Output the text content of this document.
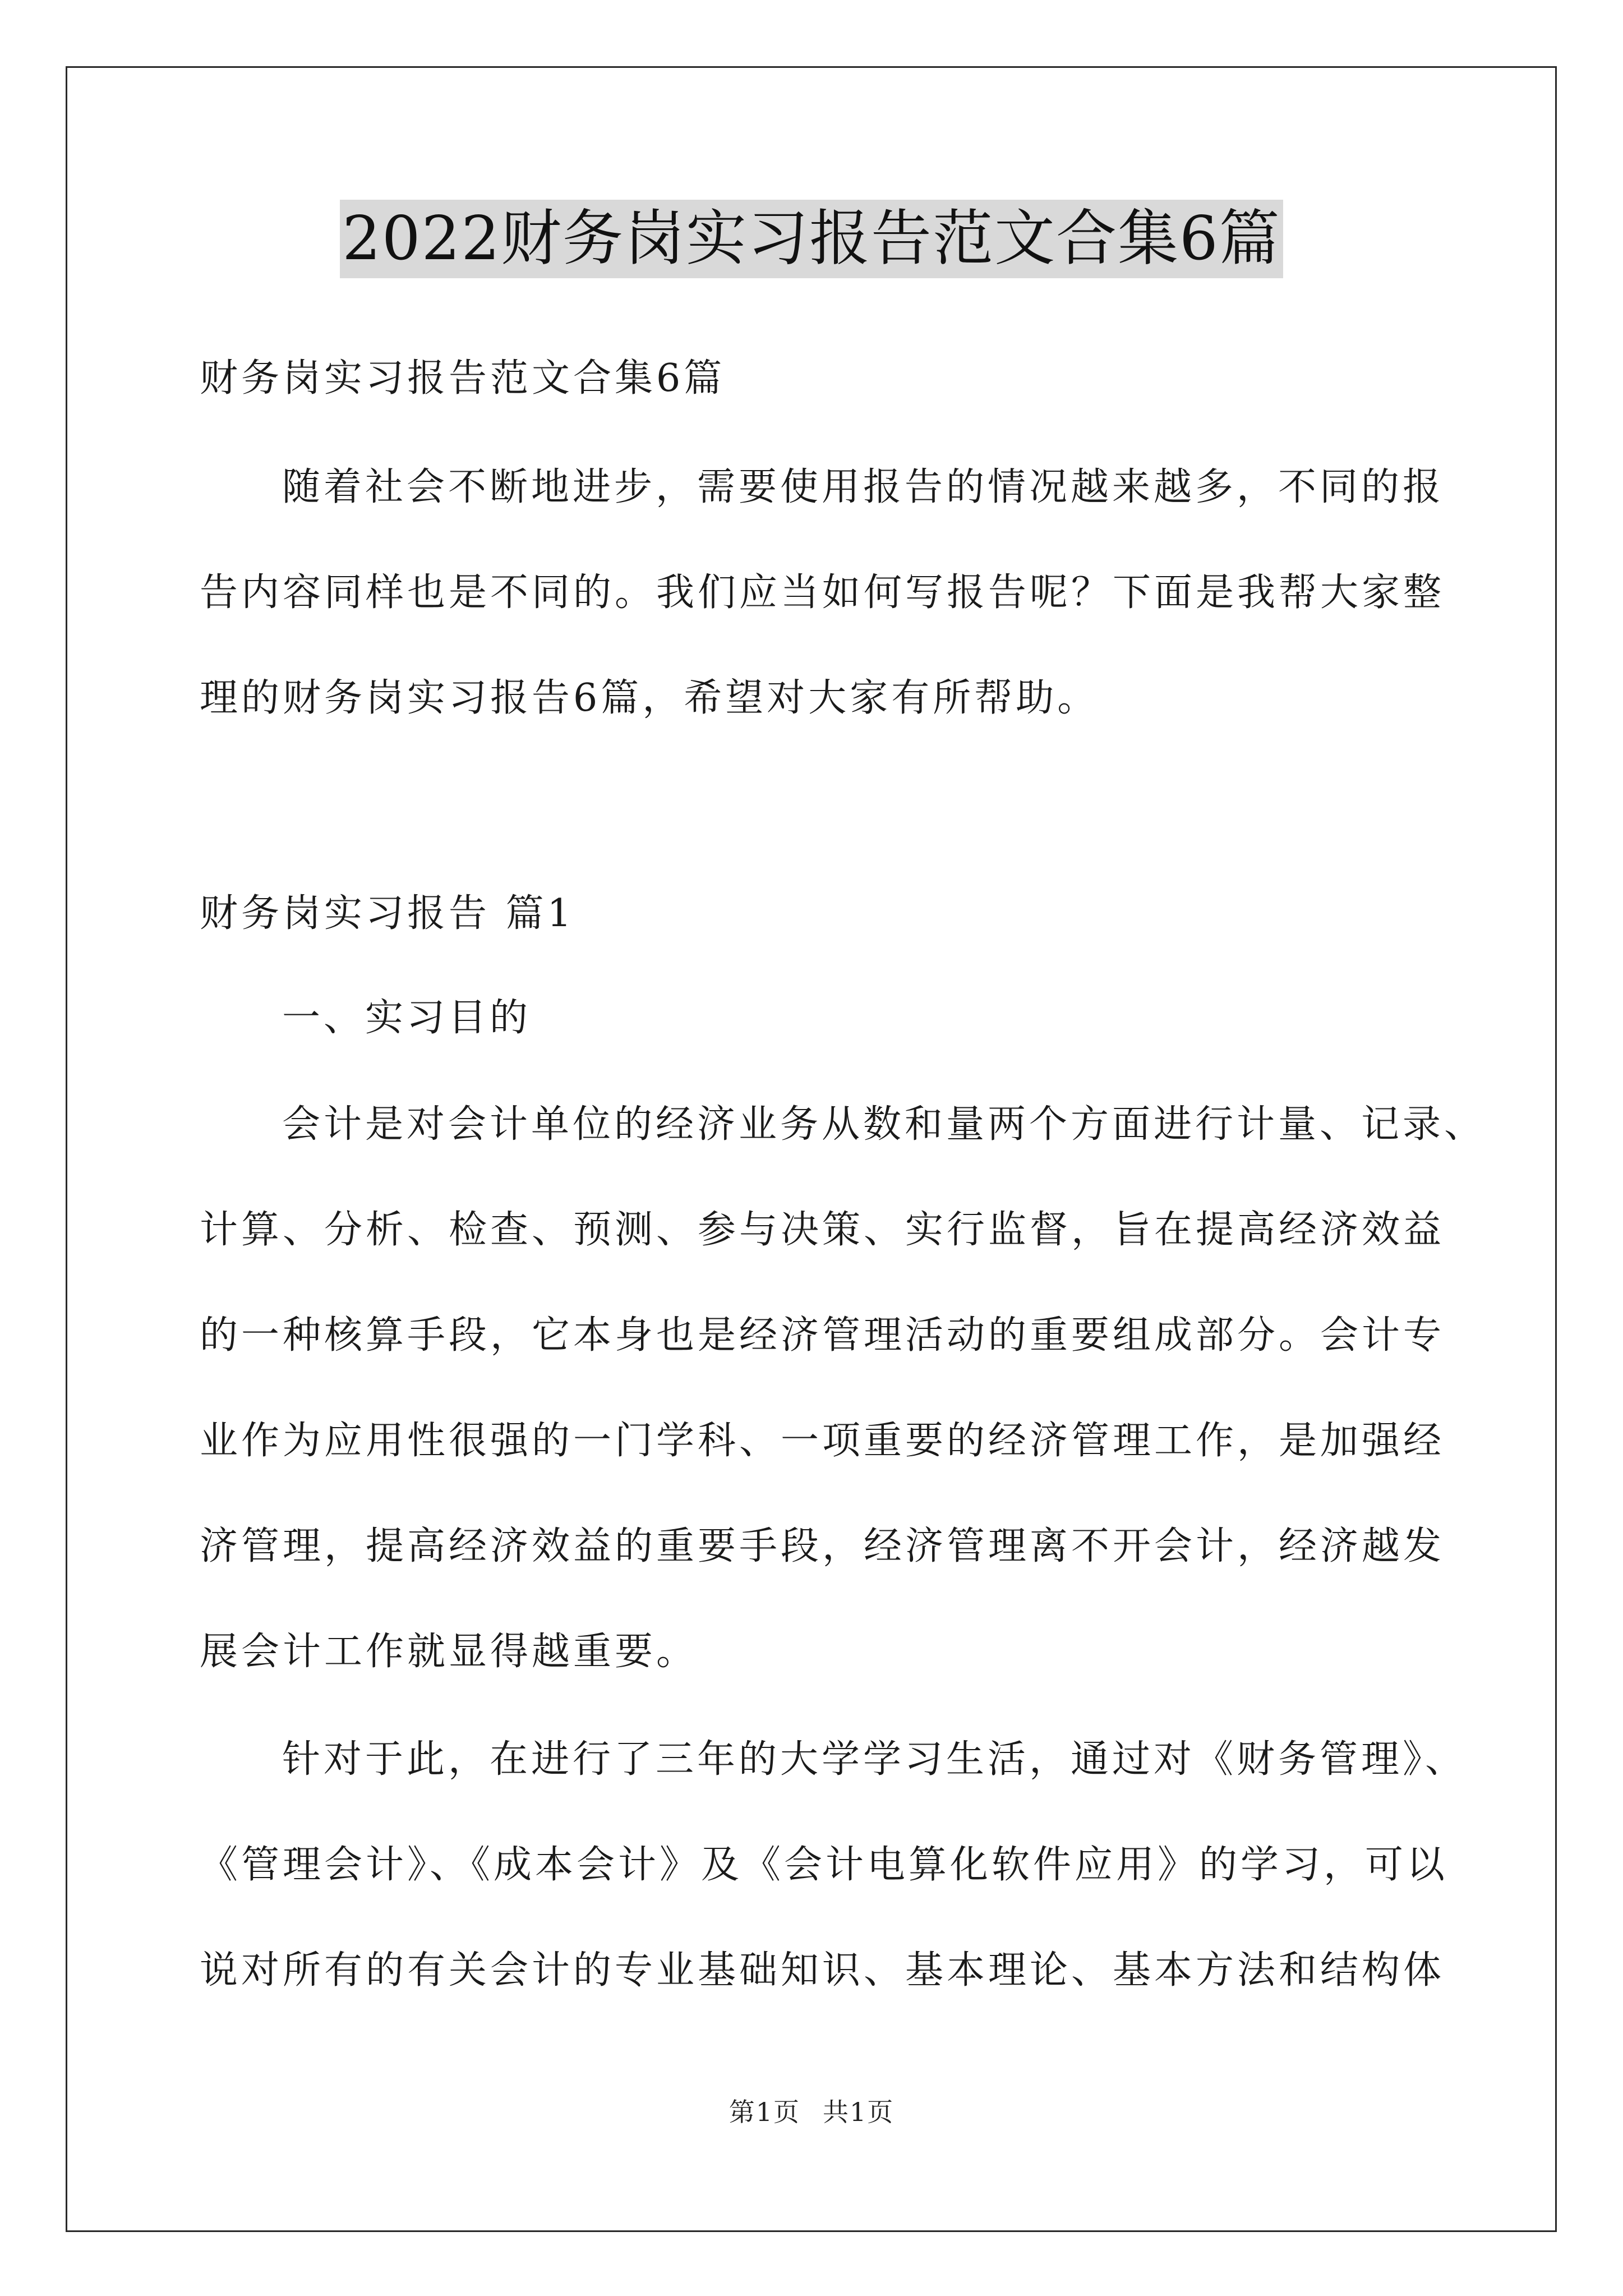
2022财务岗实习报告范文合集6篇
财务岗实习报告范文合集6篇
随着社会不断地进步，需要使用报告的情况越来越多，不同的报
告内容同样也是不同的。我们应当如何写报告呢？下面是我帮大家整
理的财务岗实习报告6篇，希望对大家有所帮助。
财务岗实习报告 篇1
一、实习目的
会计是对会计单位的经济业务从数和量两个方面进行计量、记录、
计算、分析、检查、预测、参与决策、实行监督，旨在提高经济效益
的一种核算手段，它本身也是经济管理活动的重要组成部分。会计专
业作为应用性很强的一门学科、一项重要的经济管理工作，是加强经
济管理，提高经济效益的重要手段，经济管理离不开会计，经济越发
展会计工作就显得越重要。
针对于此，在进行了三年的大学学习生活，通过对《财务管理》、
《管理会计》、《成本会计》及《会计电算化软件应用》的学习，可以
说对所有的有关会计的专业基础知识、基本理论、基本方法和结构体
第1页 共1页
